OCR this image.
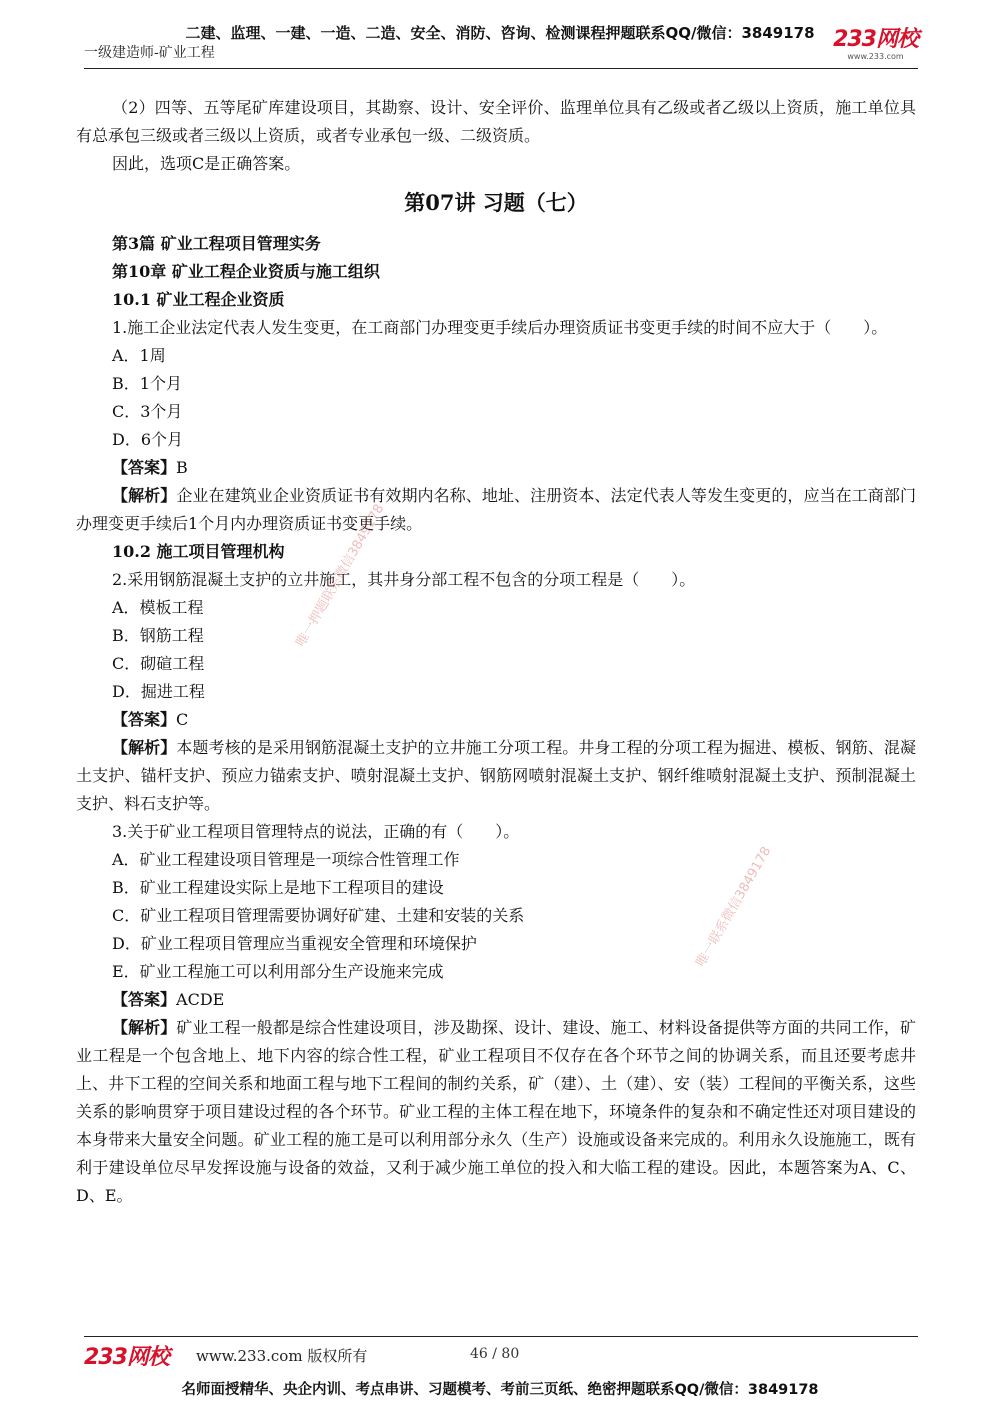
二建、监理、一建、一造、二造、安全、消防、咨询、检测课程押题联系QQ/微信：3849178
一级建造师-矿业工程
233网校
www.233.com

（2）四等、五等尾矿库建设项目，其勘察、设计、安全评价、监理单位具有乙级或者乙级以上资质，施工单位具有总承包三级或者三级以上资质，或者专业承包一级、二级资质。

因此，选项C是正确答案。

第07讲 习题（七）

第3篇 矿业工程项目管理实务

第10章 矿业工程企业资质与施工组织

10.1 矿业工程企业资质

1.施工企业法定代表人发生变更，在工商部门办理变更手续后办理资质证书变更手续的时间不应大于（　　）。

A．1周

B．1个月

C．3个月

D．6个月

【答案】B

【解析】企业在建筑业企业资质证书有效期内名称、地址、注册资本、法定代表人等发生变更的，应当在工商部门办理变更手续后1个月内办理资质证书变更手续。

10.2 施工项目管理机构

2.采用钢筋混凝土支护的立井施工，其井身分部工程不包含的分项工程是（　　）。

A．模板工程

B．钢筋工程

C．砌碹工程

D．掘进工程

【答案】C

【解析】本题考核的是采用钢筋混凝土支护的立井施工分项工程。井身工程的分项工程为掘进、模板、钢筋、混凝土支护、锚杆支护、预应力锚索支护、喷射混凝土支护、钢筋网喷射混凝土支护、钢纤维喷射混凝土支护、预制混凝土支护、料石支护等。

3.关于矿业工程项目管理特点的说法，正确的有（　　）。

A．矿业工程建设项目管理是一项综合性管理工作

B．矿业工程建设实际上是地下工程项目的建设

C．矿业工程项目管理需要协调好矿建、土建和安装的关系

D．矿业工程项目管理应当重视安全管理和环境保护

E．矿业工程施工可以利用部分生产设施来完成

【答案】ACDE

【解析】矿业工程一般都是综合性建设项目，涉及勘探、设计、建设、施工、材料设备提供等方面的共同工作，矿业工程是一个包含地上、地下内容的综合性工程，矿业工程项目不仅存在各个环节之间的协调关系，而且还要考虑井上、井下工程的空间关系和地面工程与地下工程间的制约关系，矿（建）、土（建）、安（装）工程间的平衡关系，这些关系的影响贯穿于项目建设过程的各个环节。矿业工程的主体工程在地下，环境条件的复杂和不确定性还对项目建设的本身带来大量安全问题。矿业工程的施工是可以利用部分永久（生产）设施或设备来完成的。利用永久设施施工，既有利于建设单位尽早发挥设施与设备的效益，又利于减少施工单位的投入和大临工程的建设。因此，本题答案为A、C、D、E。

唯一押题联系微信3849178
唯一联系微信3849178
233网校 www.233.com 版权所有	46 / 80
名师面授精华、央企内训、考点串讲、习题模考、考前三页纸、绝密押题联系QQ/微信：3849178
